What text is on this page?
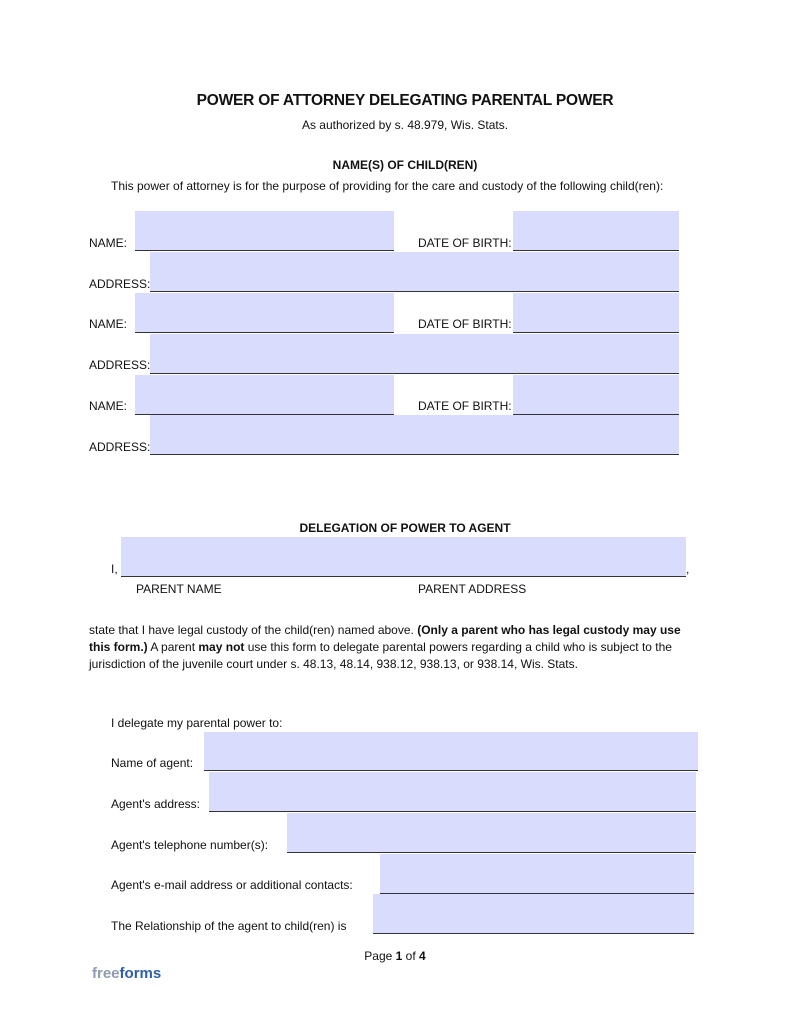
POWER OF ATTORNEY DELEGATING PARENTAL POWER
As authorized by s. 48.979, Wis. Stats.
NAME(S) OF CHILD(REN)
This power of attorney is for the purpose of providing for the care and custody of the following child(ren):
NAME:	DATE OF BIRTH:
ADDRESS:
NAME:	DATE OF BIRTH:
ADDRESS:
NAME:	DATE OF BIRTH:
ADDRESS:
DELEGATION OF POWER TO AGENT
I,	,
PARENT NAME	PARENT ADDRESS
state that I have legal custody of the child(ren) named above. (Only a parent who has legal custody may use this form.) A parent may not use this form to delegate parental powers regarding a child who is subject to the jurisdiction of the juvenile court under s. 48.13, 48.14, 938.12, 938.13, or 938.14, Wis. Stats.
I delegate my parental power to:
Name of agent:
Agent's address:
Agent's telephone number(s):
Agent's e-mail address or additional contacts:
The Relationship of the agent to child(ren) is
Page 1 of 4
freeforms
